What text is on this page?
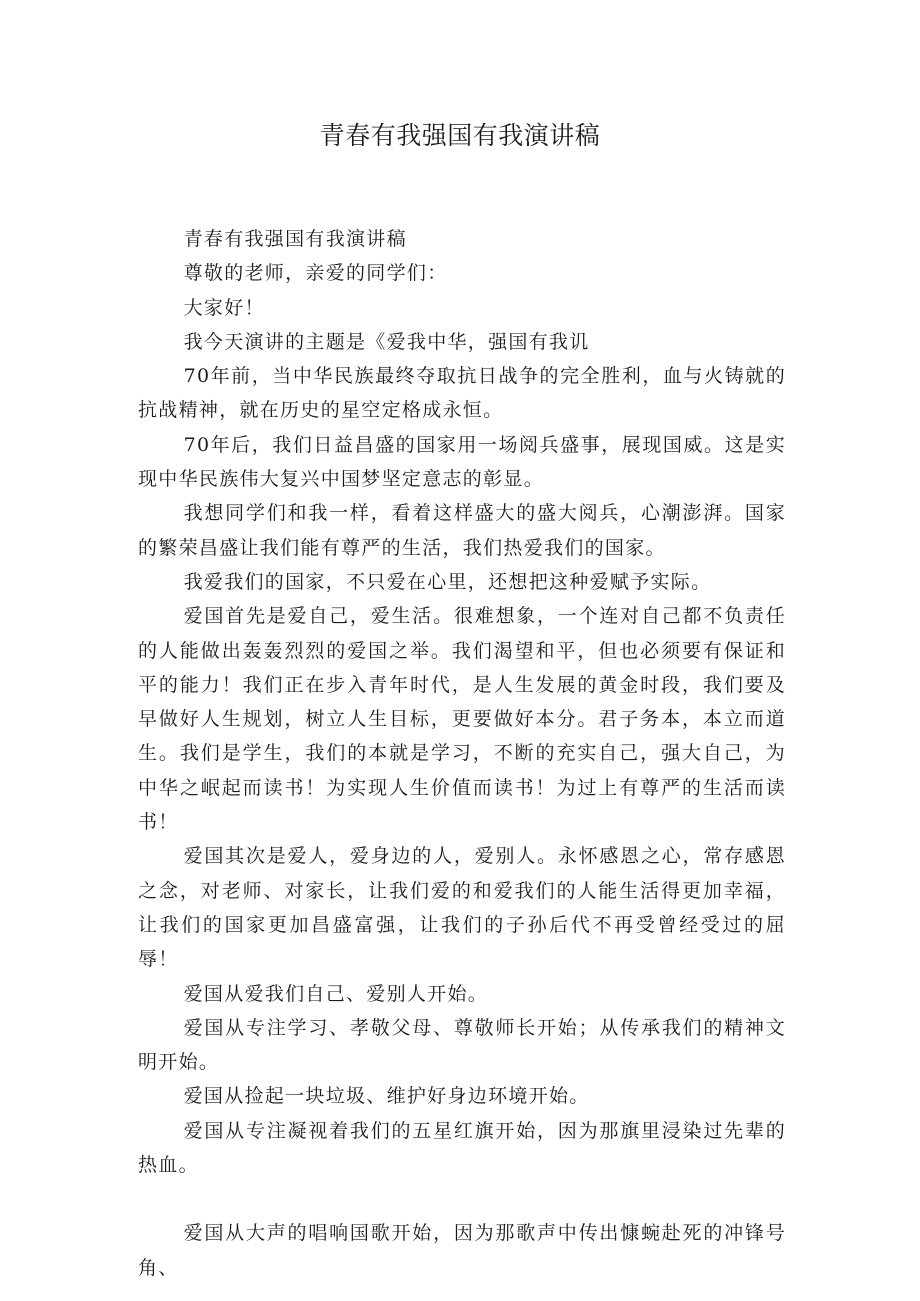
青春有我强国有我演讲稿

青春有我强国有我演讲稿

尊敬的老师，亲爱的同学们：

大家好！

我今天演讲的主题是《爱我中华，强国有我讥

70年前，当中华民族最终夺取抗日战争的完全胜利，血与火铸就的抗战精神，就在历史的星空定格成永恒。

70年后，我们日益昌盛的国家用一场阅兵盛事，展现国威。这是实现中华民族伟大复兴中国梦坚定意志的彰显。

我想同学们和我一样，看着这样盛大的盛大阅兵，心潮澎湃。国家的繁荣昌盛让我们能有尊严的生活，我们热爱我们的国家。

我爱我们的国家，不只爱在心里，还想把这种爱赋予实际。

爱国首先是爱自己，爱生活。很难想象，一个连对自己都不负责任的人能做出轰轰烈烈的爱国之举。我们渴望和平，但也必须要有保证和平的能力！我们正在步入青年时代，是人生发展的黄金时段，我们要及早做好人生规划，树立人生目标，更要做好本分。君子务本，本立而道生。我们是学生，我们的本就是学习，不断的充实自己，强大自己，为中华之岷起而读书！为实现人生价值而读书！为过上有尊严的生活而读书！

爱国其次是爱人，爱身边的人，爱别人。永怀感恩之心，常存感恩之念，对老师、对家长，让我们爱的和爱我们的人能生活得更加幸福，让我们的国家更加昌盛富强，让我们的子孙后代不再受曾经受过的屈辱！

爱国从爱我们自己、爱别人开始。

爱国从专注学习、孝敬父母、尊敬师长开始；从传承我们的精神文明开始。

爱国从捡起一块垃圾、维护好身边环境开始。

爱国从专注凝视着我们的五星红旗开始，因为那旗里浸染过先辈的热血。

爱国从大声的唱响国歌开始，因为那歌声中传出慷蜿赴死的冲锋号角、
